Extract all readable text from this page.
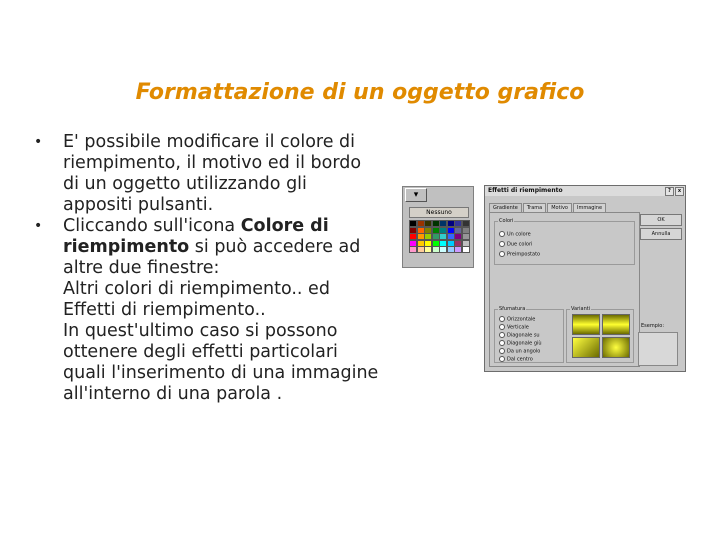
Formattazione di un oggetto grafico
• E' possibile modificare il colore di riempimento, il motivo ed il bordo di un oggetto utilizzando gli appositi pulsanti.
• Cliccando sull'icona Colore di riempimento si può accedere ad altre due finestre:
Altri colori di riempimento.. ed Effetti di riempimento..
In quest'ultimo caso si possono ottenere degli effetti particolari quali l'inserimento di una immagine all'interno di una parola .
▾
Nessuno
Effetti di riempimento	?	x
Gradiente	Trama	Motivo	Immagine
Colori
Un colore
Due colori
Preimpostato
Sfumatura
Orizzontale
Verticale
Diagonale su
Diagonale giù
Da un angolo
Dal centro
Varianti
OK
Annulla
Esempio:
